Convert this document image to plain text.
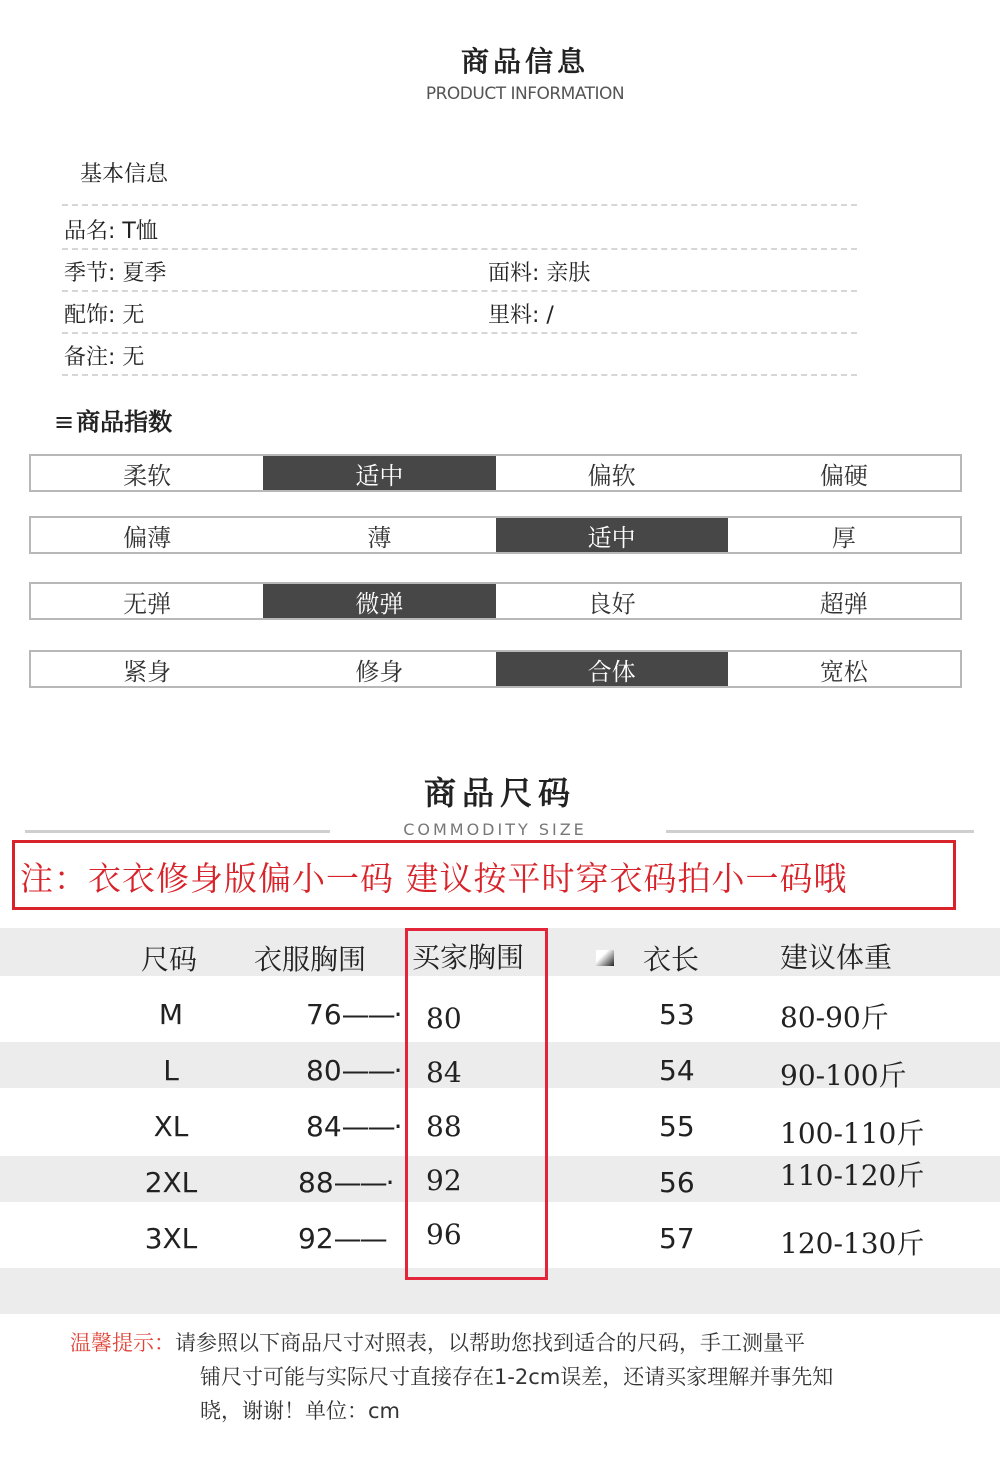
商品信息
PRODUCT INFORMATION
基本信息
品名: T恤
季节: 夏季	面料: 亲肤
配饰: 无	里料: /
备注: 无
≡商品指数
柔软	适中	偏软	偏硬
偏薄	薄	适中	厚
无弹	微弹	良好	超弹
紧身	修身	合体	宽松
商品尺码
COMMODITY SIZE
注：衣衣修身版偏小一码 建议按平时穿衣码拍小一码哦
尺码 衣服胸围 买家胸围	衣长	建议体重
M	76——· 80	53	80-90斤
L	80——· 84	54	90-100斤
XL	84——· 88	55	100-110斤
2XL	88——· 92	56	110-120斤
3XL	92—— 96	57	120-130斤
温馨提示：请参照以下商品尺寸对照表，以帮助您找到适合的尺码，手工测量平
铺尺寸可能与实际尺寸直接存在1-2cm误差，还请买家理解并事先知
晓，谢谢！单位：cm
